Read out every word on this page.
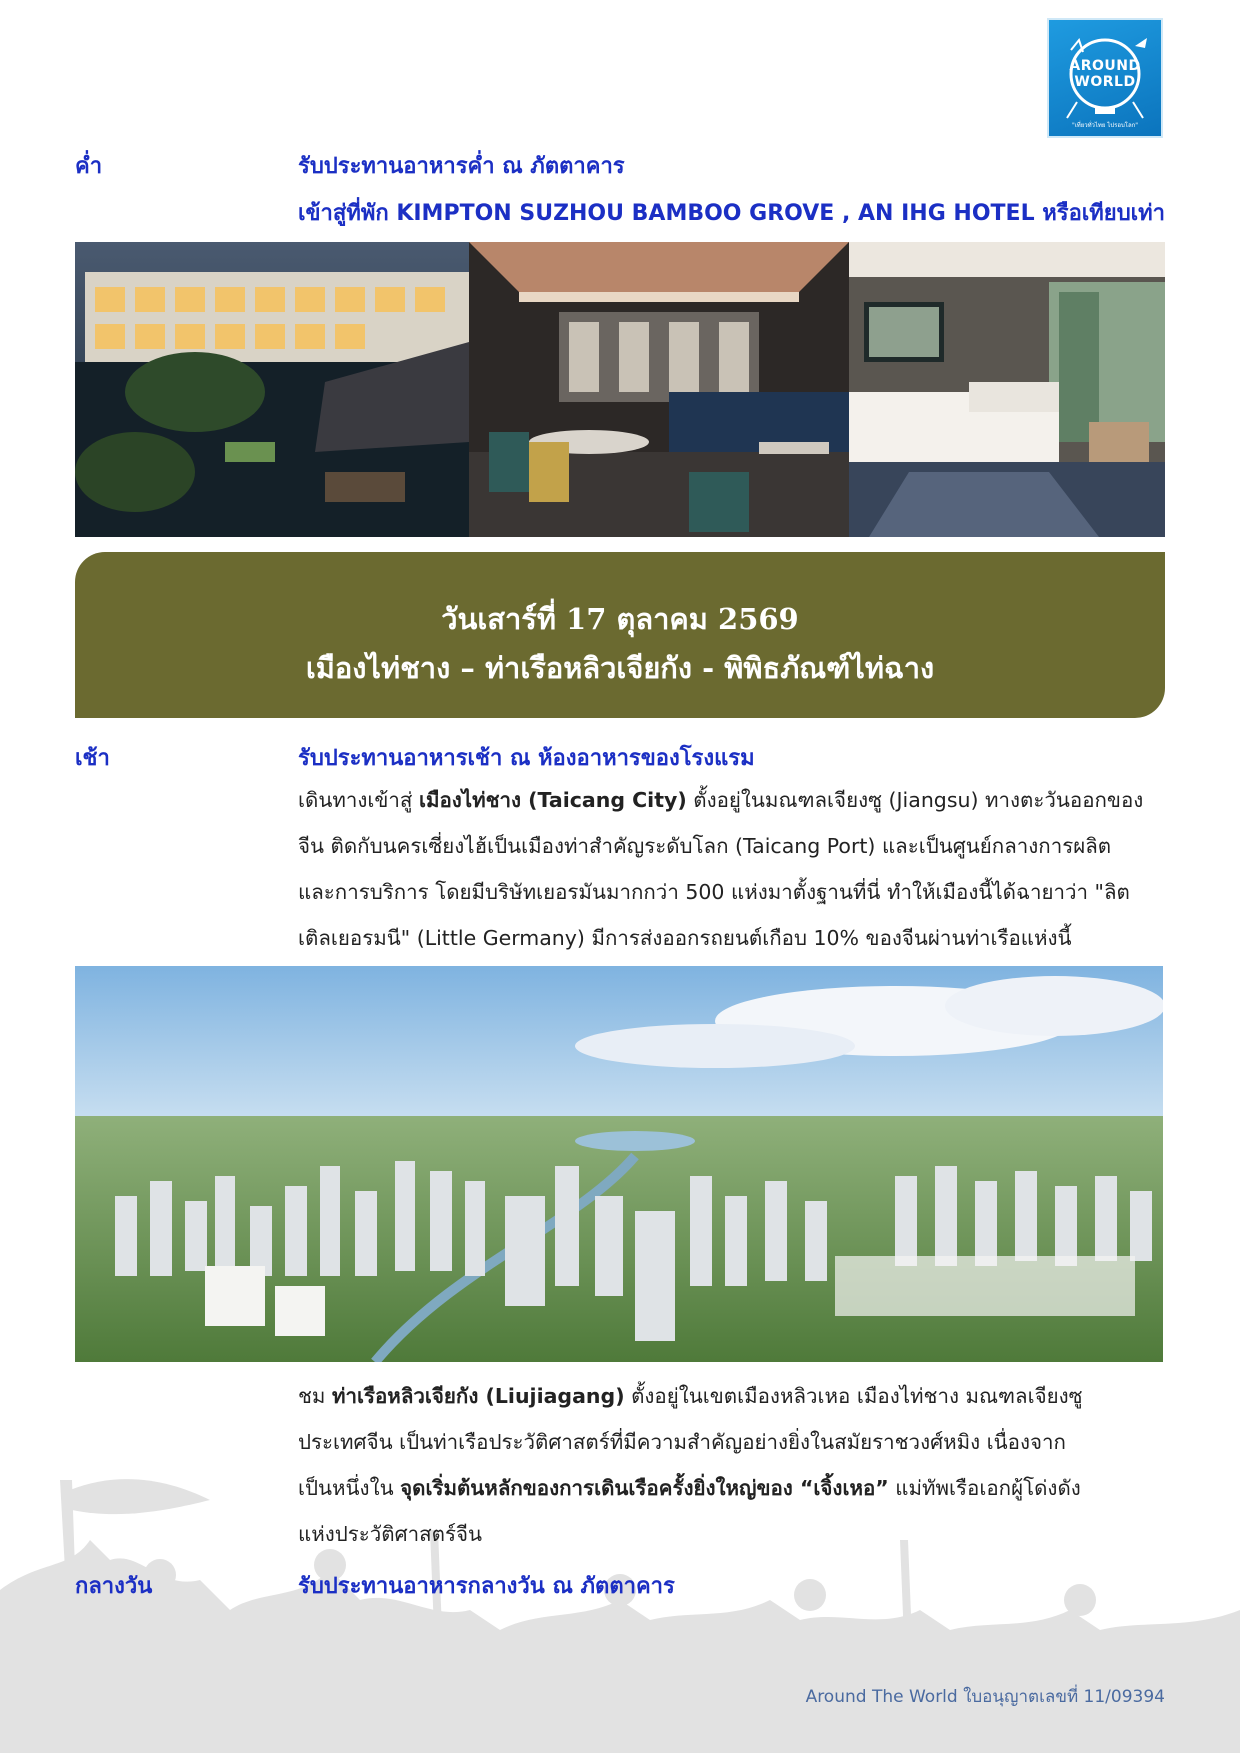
AROUND
WORLD
"เที่ยวทั่วไทย ไปรอบโลก"
ค่ำ	รับประทานอาหารค่ำ ณ ภัตตาคาร
เข้าสู่ที่พัก KIMPTON SUZHOU BAMBOO GROVE , AN IHG HOTEL หรือเทียบเท่า
วันเสาร์ที่ 17 ตุลาคม 2569
เมืองไท่ชาง – ท่าเรือหลิวเจียกัง - พิพิธภัณฑ์ไท่ฉาง
เช้า	รับประทานอาหารเช้า ณ ห้องอาหารของโรงแรม
เดินทางเข้าสู่ เมืองไท่ชาง (Taicang City) ตั้งอยู่ในมณฑลเจียงซู (Jiangsu) ทางตะวันออกของ
จีน ติดกับนครเซี่ยงไฮ้เป็นเมืองท่าสำคัญระดับโลก (Taicang Port) และเป็นศูนย์กลางการผลิต
และการบริการ โดยมีบริษัทเยอรมันมากกว่า 500 แห่งมาตั้งฐานที่นี่ ทำให้เมืองนี้ได้ฉายาว่า "ลิต
เติลเยอรมนี" (Little Germany) มีการส่งออกรถยนต์เกือบ 10% ของจีนผ่านท่าเรือแห่งนี้
ชม ท่าเรือหลิวเจียกัง (Liujiagang) ตั้งอยู่ในเขตเมืองหลิวเหอ เมืองไท่ชาง มณฑลเจียงซู
ประเทศจีน เป็นท่าเรือประวัติศาสตร์ที่มีความสำคัญอย่างยิ่งในสมัยราชวงศ์หมิง เนื่องจาก
เป็นหนึ่งใน จุดเริ่มต้นหลักของการเดินเรือครั้งยิ่งใหญ่ของ “เจิ้งเหอ” แม่ทัพเรือเอกผู้โด่งดัง
แห่งประวัติศาสตร์จีน
กลางวัน	รับประทานอาหารกลางวัน ณ ภัตตาคาร
Around The World ใบอนุญาตเลขที่ 11/09394
